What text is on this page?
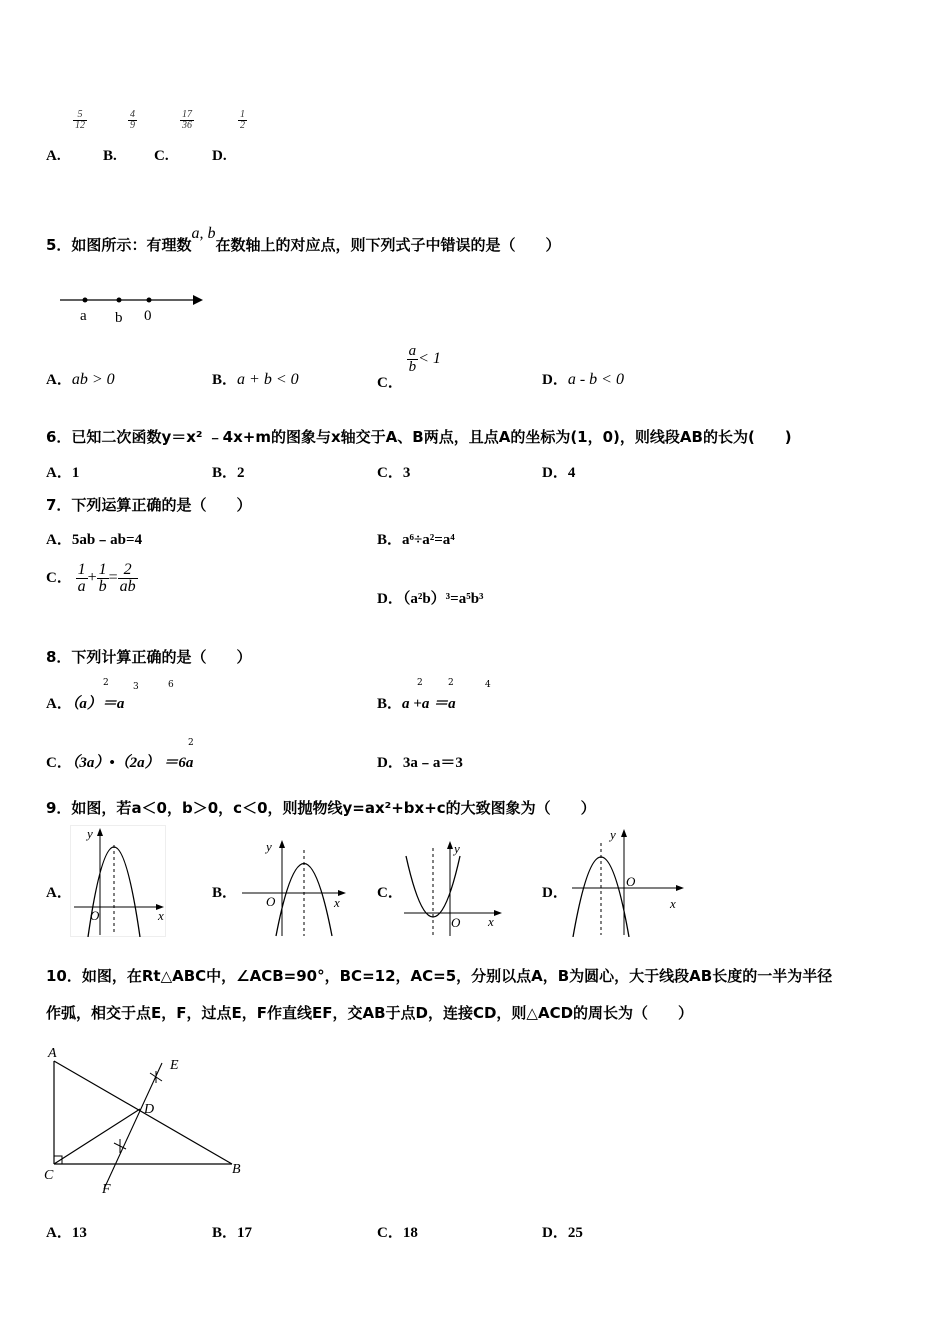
$\frac{5}{12}$	$\frac{4}{9}$	$\frac{17}{36}$	$\frac{1}{2}$
A.	B. C.	D.
5．如图所示：有理数a, b在数轴上的对应点，则下列式子中错误的是（　　）
a b 0
A．ab > 0	B．a + b < 0	C．
$\frac{a}{b} < 1$
D．a - b < 0
6．已知二次函数y＝x² ﹣4x+m的图象与x轴交于A、B两点，且点A的坐标为(1，0)，则线段AB的长为(　　)
A．1	B．2	C．3	D．4
7．下列运算正确的是（　　）
A．5ab﹣ab=4	B．a⁶÷a²=a⁴
C． $\frac{1}{a} + \frac{1}{b} = \frac{2}{ab}$
D．（a²b）³=a⁵b³
8．下列计算正确的是（　　）
A．（a）＝a
2	3	6
B．a +a ＝a
2	2	4
C．（3a）•（2a） ＝6a
2
D．3a﹣a＝3
9．如图，若a＜0，b＞0，c＜0，则抛物线y=ax²+bx+c的大致图象为（　　）
A．
x
y
O
B．
x
y
O
C．
x
y
O
D．
x
y
O
10．如图，在Rt△ABC中，∠ACB=90°，BC=12，AC=5，分别以点A，B为圆心，大于线段AB长度的一半为半径
作弧，相交于点E，F，过点E，F作直线EF，交AB于点D，连接CD，则△ACD的周长为（　　）
A
B
C
D
E
F
A．13	B．17	C．18	D．25
